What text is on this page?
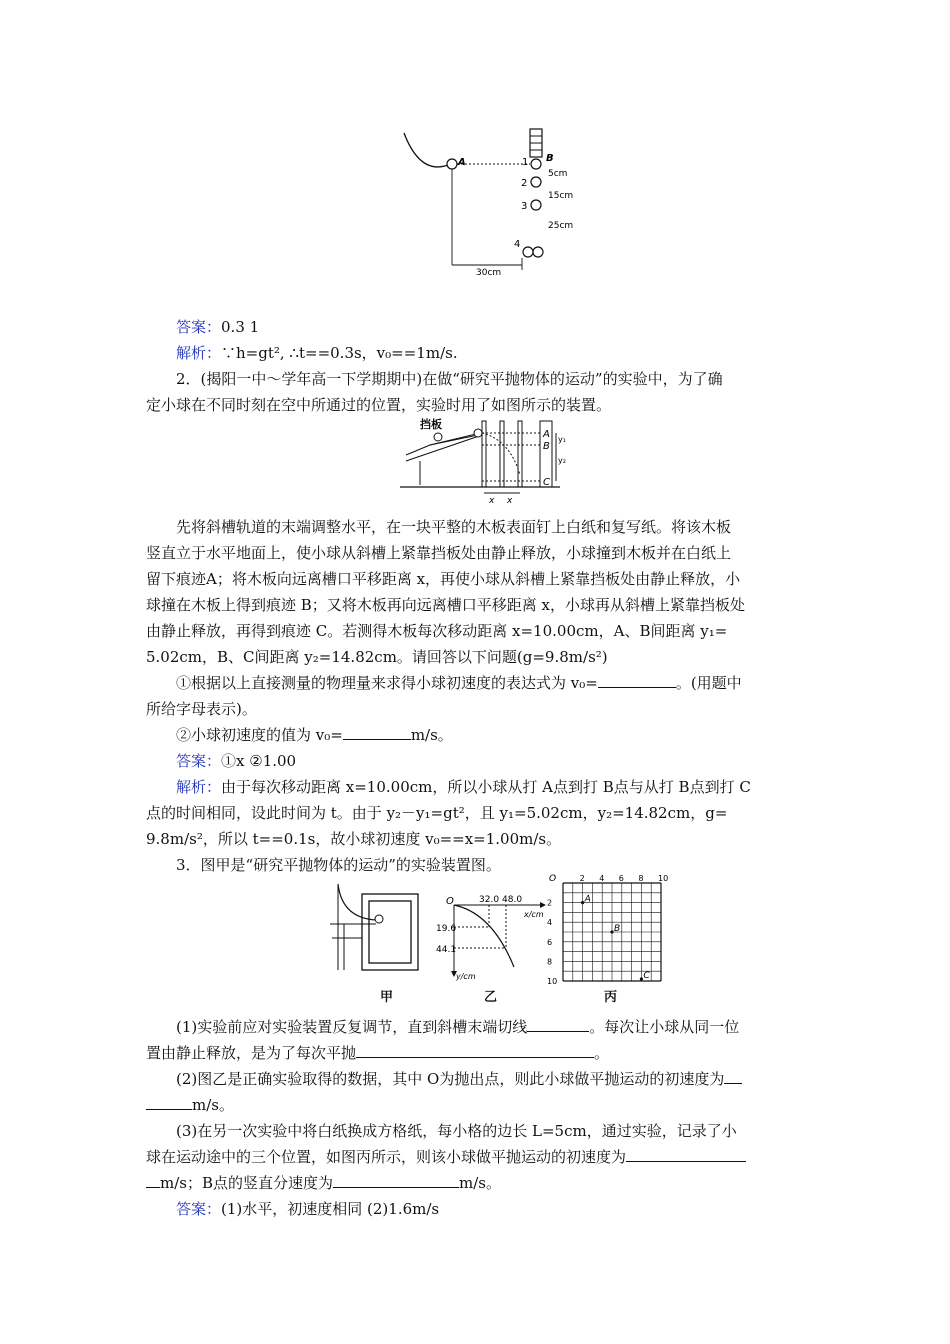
A	B
1
2
3
4
5cm
15cm
25cm
30cm
答案：0.3 1
解析：∵h=gt², ∴t==0.3s，v₀==1m/s.
2．(揭阳一中～学年高一下学期期中)在做“研究平抛物体的运动”的实验中，为了确
定小球在不同时刻在空中所通过的位置，实验时用了如图所示的装置。
挡板
A
B
C
y₁
y₂
x x
先将斜槽轨道的末端调整水平，在一块平整的木板表面钉上白纸和复写纸。将该木板
竖直立于水平地面上，使小球从斜槽上紧靠挡板处由静止释放，小球撞到木板并在白纸上
留下痕迹A；将木板向远离槽口平移距离 x，再使小球从斜槽上紧靠挡板处由静止释放，小
球撞在木板上得到痕迹 B；又将木板再向远离槽口平移距离 x，小球再从斜槽上紧靠挡板处
由静止释放，再得到痕迹 C。若测得木板每次移动距离 x=10.00cm，A、B间距离 y₁=
5.02cm，B、C间距离 y₂=14.82cm。请回答以下问题(g=9.8m/s²)
①根据以上直接测量的物理量来求得小球初速度的表达式为 v₀=	。(用题中
所给字母表示)。
②小球初速度的值为 v₀=	m/s。
答案：①x ②1.00
解析：由于每次移动距离 x=10.00cm，所以小球从打 A点到打 B点与从打 B点到打 C
点的时间相同，设此时间为 t。由于 y₂－y₁=gt²，且 y₁=5.02cm，y₂=14.82cm，g=
9.8m/s²，所以 t==0.1s，故小球初速度 v₀==x=1.00m/s。
3．图甲是“研究平抛物体的运动”的实验装置图。
O	32.0 48.0
x/cm
19.6
44.1
y/cm
O	2 4 6 8 10
2
4
6
8
10
A
B
C
甲	乙	丙
(1)实验前应对实验装置反复调节，直到斜槽末端切线	。每次让小球从同一位
置由静止释放，是为了每次平抛	。
(2)图乙是正确实验取得的数据，其中 O为抛出点，则此小球做平抛运动的初速度为
m/s。
(3)在另一次实验中将白纸换成方格纸，每小格的边长 L=5cm，通过实验，记录了小
球在运动途中的三个位置，如图丙所示，则该小球做平抛运动的初速度为
m/s；B点的竖直分速度为	m/s。
答案：(1)水平，初速度相同 (2)1.6m/s
